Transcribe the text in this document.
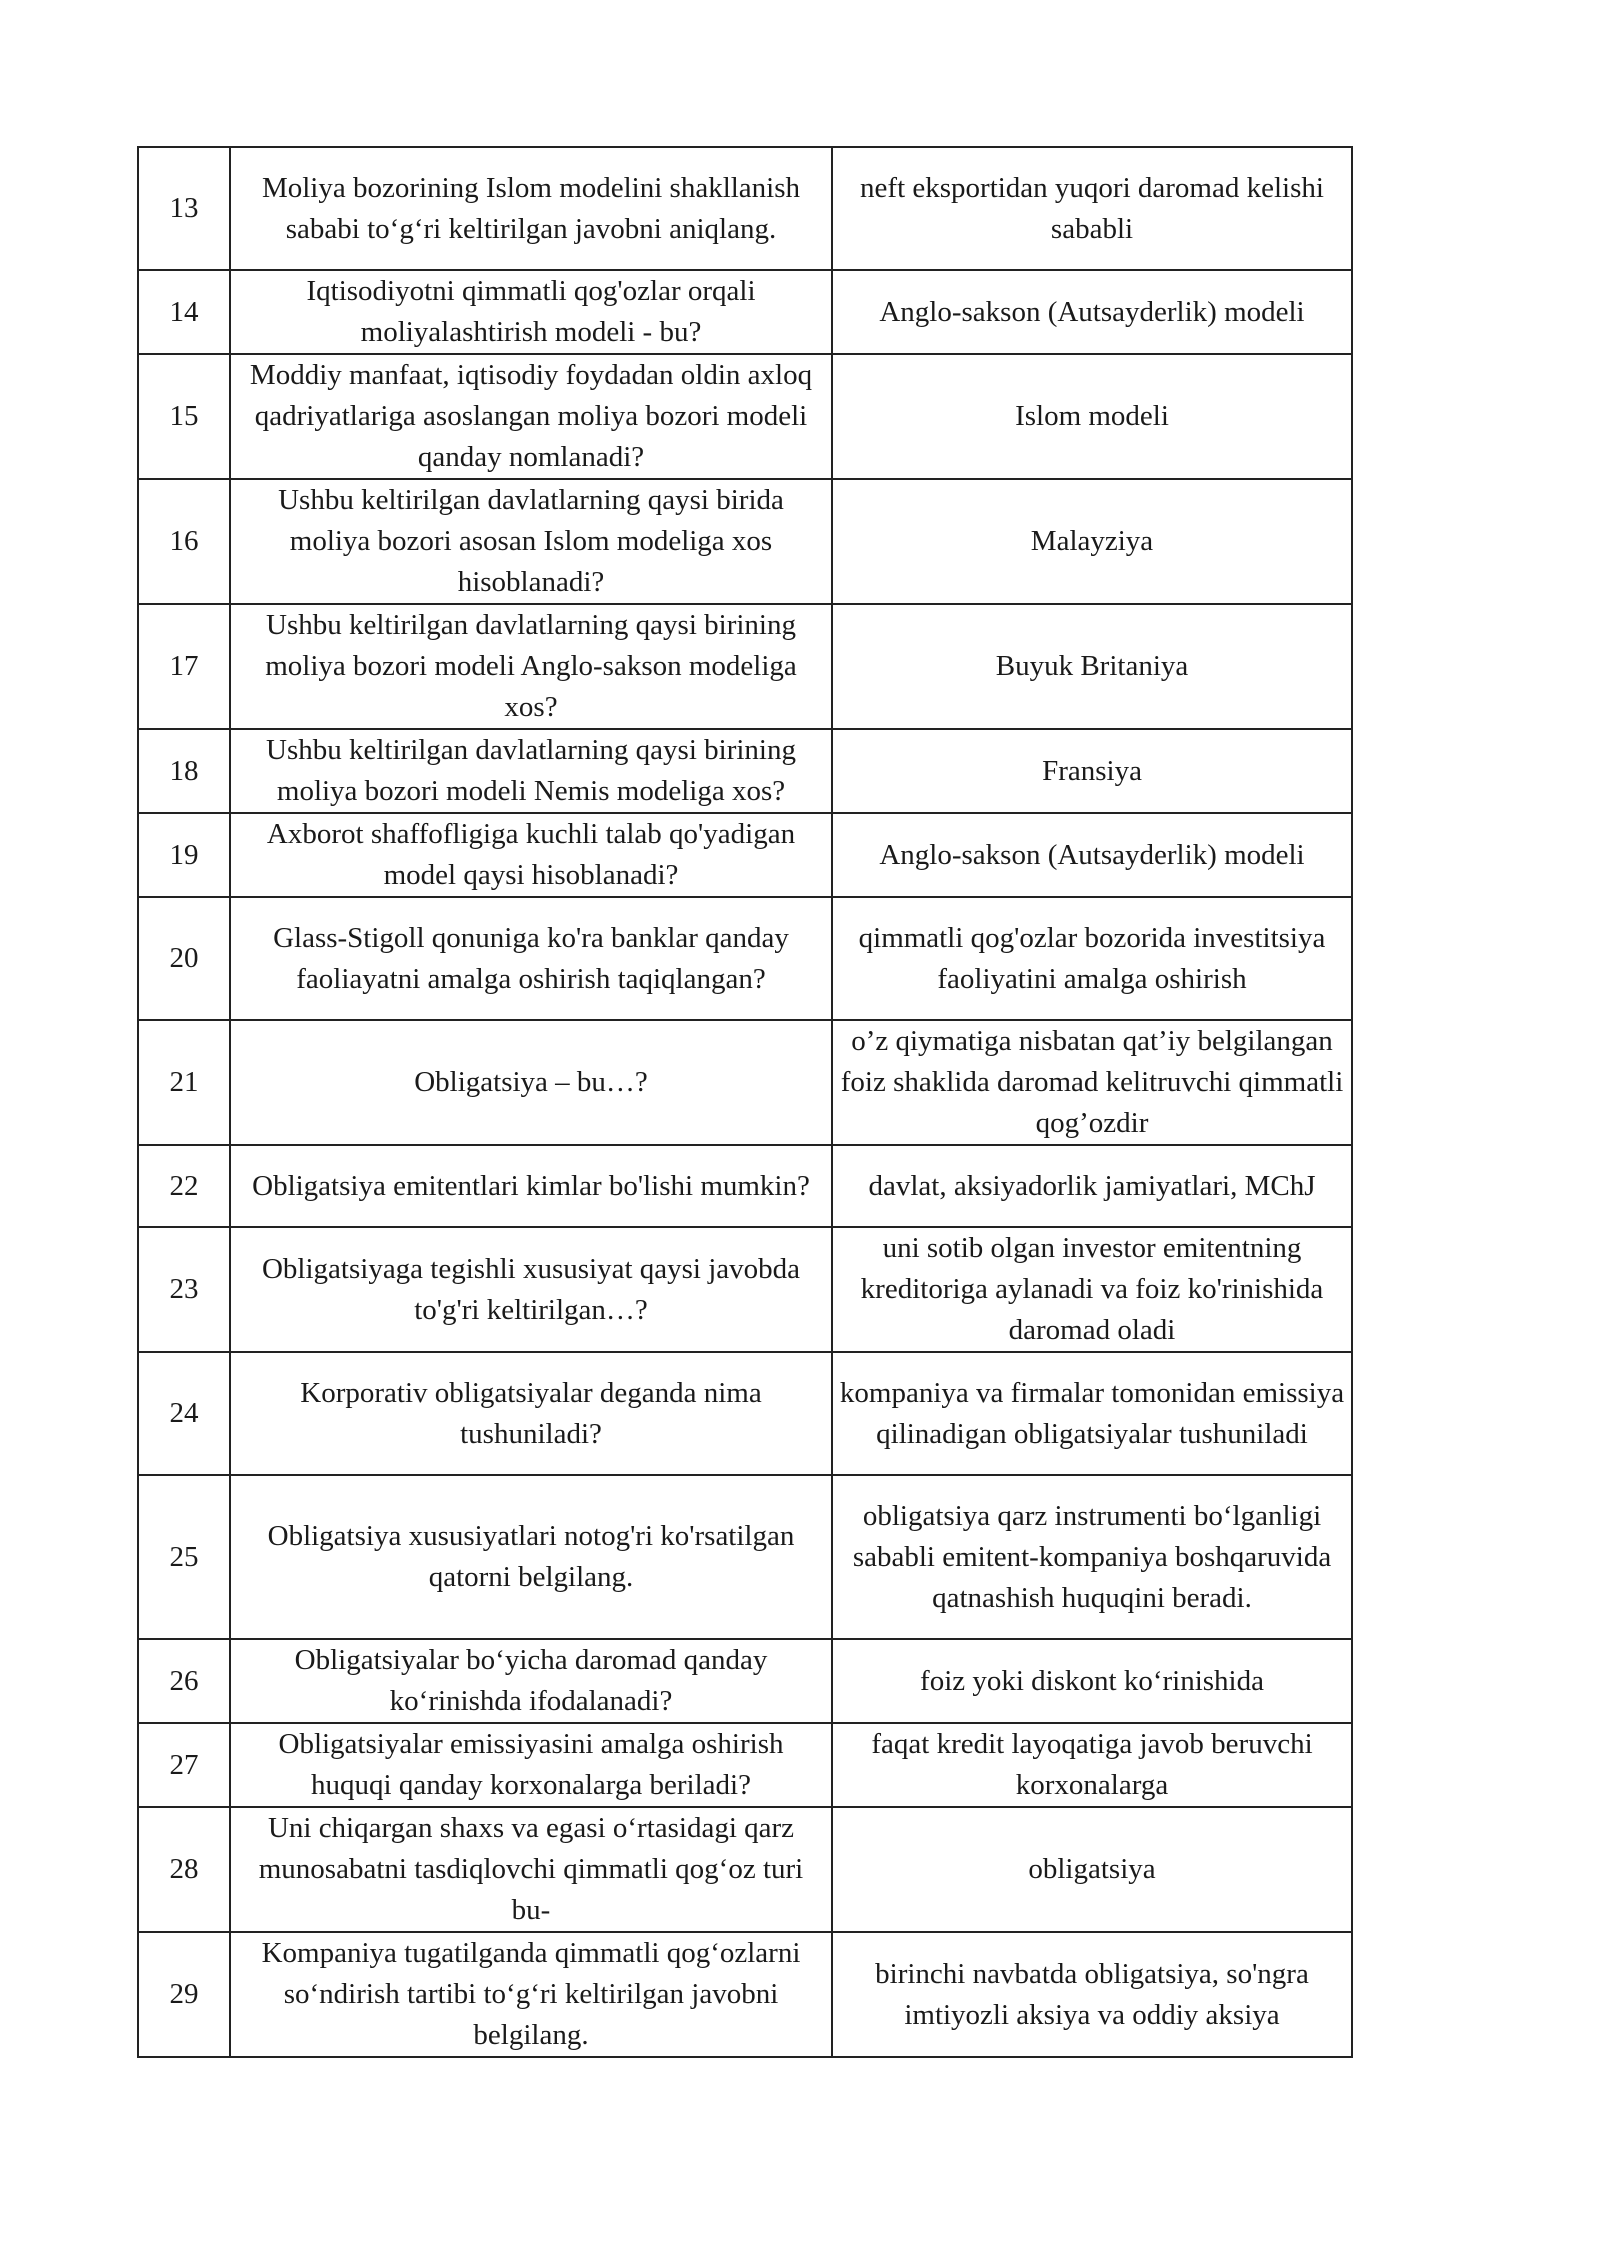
13	Moliya bozorining Islom modelini shakllanish sababi to‘g‘ri keltirilgan javobni aniqlang.	neft eksportidan yuqori daromad kelishi sababli
14	Iqtisodiyotni qimmatli qog'ozlar orqali moliyalashtirish modeli - bu?	Anglo-sakson (Autsayderlik) modeli
15	Moddiy manfaat, iqtisodiy foydadan oldin axloq qadriyatlariga asoslangan moliya bozori modeli qanday nomlanadi?	Islom modeli
16	Ushbu keltirilgan davlatlarning qaysi birida moliya bozori asosan Islom modeliga xos hisoblanadi?	Malayziya
17	Ushbu keltirilgan davlatlarning qaysi birining moliya bozori modeli Anglo-sakson modeliga xos?	Buyuk Britaniya
18	Ushbu keltirilgan davlatlarning qaysi birining moliya bozori modeli Nemis modeliga xos?	Fransiya
19	Axborot shaffofligiga kuchli talab qo'yadigan model qaysi hisoblanadi?	Anglo-sakson (Autsayderlik) modeli
20	Glass-Stigoll qonuniga ko'ra banklar qanday faoliayatni amalga oshirish taqiqlangan?	qimmatli qog'ozlar bozorida investitsiya faoliyatini amalga oshirish
21	Obligatsiya – bu…?	o’z qiymatiga nisbatan qat’iy belgilangan foiz shaklida daromad kelitruvchi qimmatli qog’ozdir
22	Obligatsiya emitentlari kimlar bo'lishi mumkin?	davlat, aksiyadorlik jamiyatlari, MChJ
23	Obligatsiyaga tegishli xususiyat qaysi javobda to'g'ri keltirilgan…?	uni sotib olgan investor emitentning kreditoriga aylanadi va foiz ko'rinishida daromad oladi
24	Korporativ obligatsiyalar deganda nima tushuniladi?	kompaniya va firmalar tomonidan emissiya qilinadigan obligatsiyalar tushuniladi
25	Obligatsiya xususiyatlari notog'ri ko'rsatilgan qatorni belgilang.	obligatsiya qarz instrumenti bo‘lganligi sababli emitent-kompaniya boshqaruvida qatnashish huquqini beradi.
26	Obligatsiyalar bo‘yicha daromad qanday ko‘rinishda ifodalanadi?	foiz yoki diskont ko‘rinishida
27	Obligatsiyalar emissiyasini amalga oshirish huquqi qanday korxonalarga beriladi?	faqat kredit layoqatiga javob beruvchi korxonalarga
28	Uni chiqargan shaxs va egasi o‘rtasidagi qarz munosabatni tasdiqlovchi qimmatli qog‘oz turi bu-	obligatsiya
29	Kompaniya tugatilganda qimmatli qog‘ozlarni so‘ndirish tartibi to‘g‘ri keltirilgan javobni belgilang.	birinchi navbatda obligatsiya, so'ngra imtiyozli aksiya va oddiy aksiya
